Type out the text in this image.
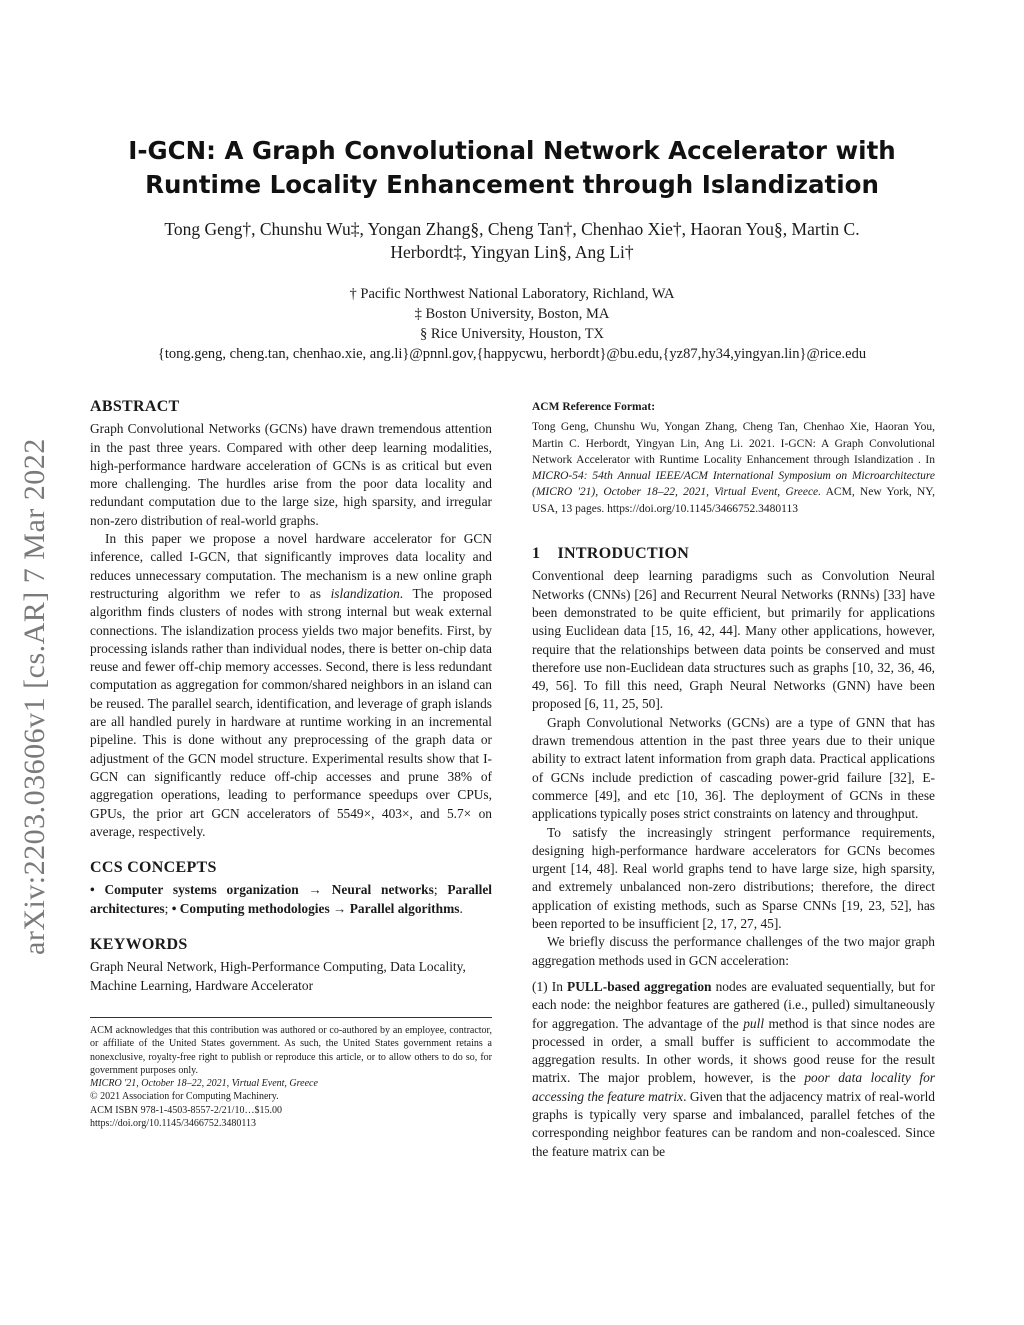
arXiv:2203.03606v1 [cs.AR] 7 Mar 2022
I-GCN: A Graph Convolutional Network Accelerator with
Runtime Locality Enhancement through Islandization
Tong Geng†, Chunshu Wu‡, Yongan Zhang§, Cheng Tan†, Chenhao Xie†, Haoran You§, Martin C.
Herbordt‡, Yingyan Lin§, Ang Li†
† Pacific Northwest National Laboratory, Richland, WA
‡ Boston University, Boston, MA
§ Rice University, Houston, TX
{tong.geng, cheng.tan, chenhao.xie, ang.li}@pnnl.gov,{happycwu, herbordt}@bu.edu,{yz87,hy34,yingyan.lin}@rice.edu
ABSTRACT

Graph Convolutional Networks (GCNs) have drawn tremendous attention in the past three years. Compared with other deep learning modalities, high-performance hardware acceleration of GCNs is as critical but even more challenging. The hurdles arise from the poor data locality and redundant computation due to the large size, high sparsity, and irregular non-zero distribution of real-world graphs.

In this paper we propose a novel hardware accelerator for GCN inference, called I-GCN, that significantly improves data locality and reduces unnecessary computation. The mechanism is a new online graph restructuring algorithm we refer to as islandization. The proposed algorithm finds clusters of nodes with strong internal but weak external connections. The islandization process yields two major benefits. First, by processing islands rather than individual nodes, there is better on-chip data reuse and fewer off-chip memory accesses. Second, there is less redundant computation as aggregation for common/shared neighbors in an island can be reused. The parallel search, identification, and leverage of graph islands are all handled purely in hardware at runtime working in an incremental pipeline. This is done without any preprocessing of the graph data or adjustment of the GCN model structure. Experimental results show that I-GCN can significantly reduce off-chip accesses and prune 38% of aggregation operations, leading to performance speedups over CPUs, GPUs, the prior art GCN accelerators of 5549×, 403×, and 5.7× on average, respectively.

CCS CONCEPTS

• Computer systems organization → Neural networks; Parallel architectures; • Computing methodologies → Parallel algorithms.

KEYWORDS

Graph Neural Network, High-Performance Computing, Data Locality, Machine Learning, Hardware Accelerator

ACM acknowledges that this contribution was authored or co-authored by an employee, contractor, or affiliate of the United States government. As such, the United States government retains a nonexclusive, royalty-free right to publish or reproduce this article, or to allow others to do so, for government purposes only.
MICRO '21, October 18–22, 2021, Virtual Event, Greece
© 2021 Association for Computing Machinery.
ACM ISBN 978-1-4503-8557-2/21/10…$15.00
https://doi.org/10.1145/3466752.3480113
ACM Reference Format:
Tong Geng, Chunshu Wu, Yongan Zhang, Cheng Tan, Chenhao Xie, Haoran You, Martin C. Herbordt, Yingyan Lin, Ang Li. 2021. I-GCN: A Graph Convolutional Network Accelerator with Runtime Locality Enhancement through Islandization . In MICRO-54: 54th Annual IEEE/ACM International Symposium on Microarchitecture (MICRO '21), October 18–22, 2021, Virtual Event, Greece. ACM, New York, NY, USA, 13 pages. https://doi.org/10.1145/3466752.3480113
1    INTRODUCTION

Conventional deep learning paradigms such as Convolution Neural Networks (CNNs) [26] and Recurrent Neural Networks (RNNs) [33] have been demonstrated to be quite efficient, but primarily for applications using Euclidean data [15, 16, 42, 44]. Many other applications, however, require that the relationships between data points be conserved and must therefore use non-Euclidean data structures such as graphs [10, 32, 36, 46, 49, 56]. To fill this need, Graph Neural Networks (GNN) have been proposed [6, 11, 25, 50].

Graph Convolutional Networks (GCNs) are a type of GNN that has drawn tremendous attention in the past three years due to their unique ability to extract latent information from graph data. Practical applications of GCNs include prediction of cascading power-grid failure [32], E-commerce [49], and etc [10, 36]. The deployment of GCNs in these applications typically poses strict constraints on latency and throughput.

To satisfy the increasingly stringent performance requirements, designing high-performance hardware accelerators for GCNs becomes urgent [14, 48]. Real world graphs tend to have large size, high sparsity, and extremely unbalanced non-zero distributions; therefore, the direct application of existing methods, such as Sparse CNNs [19, 23, 52], has been reported to be insufficient [2, 17, 27, 45].

We briefly discuss the performance challenges of the two major graph aggregation methods used in GCN acceleration:

(1) In PULL-based aggregation nodes are evaluated sequentially, but for each node: the neighbor features are gathered (i.e., pulled) simultaneously for aggregation. The advantage of the pull method is that since nodes are processed in order, a small buffer is sufficient to accommodate the aggregation results. In other words, it shows good reuse for the result matrix. The major problem, however, is the poor data locality for accessing the feature matrix. Given that the adjacency matrix of real-world graphs is typically very sparse and imbalanced, parallel fetches of the corresponding neighbor features can be random and non-coalesced. Since the feature matrix can be
